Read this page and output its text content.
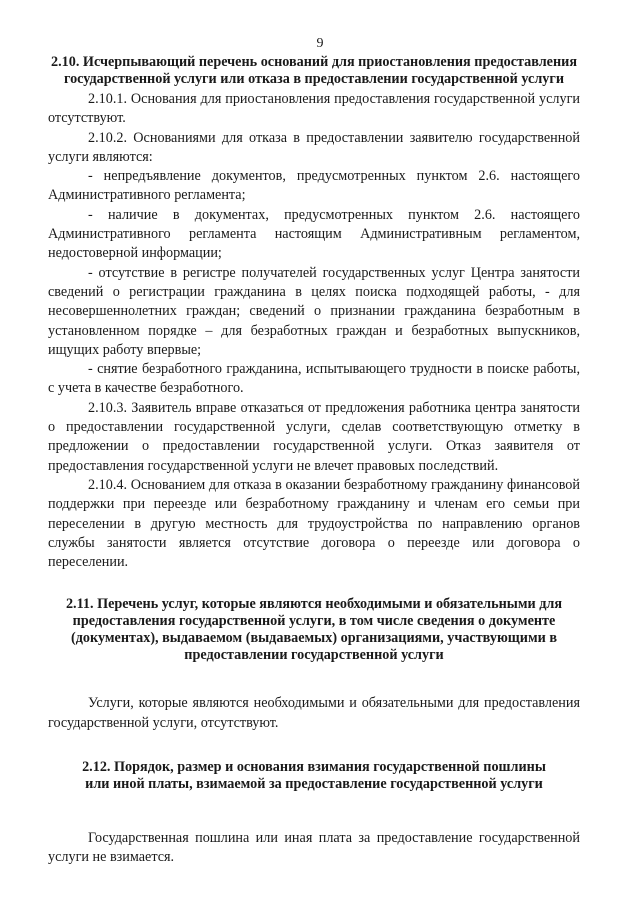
9

2.10. Исчерпывающий перечень оснований для приостановления предоставления государственной услуги или отказа в предоставлении государственной услуги

2.10.1. Основания для приостановления предоставления государственной услуги отсутствуют.

2.10.2. Основаниями для отказа в предоставлении заявителю государственной услуги являются:

- непредъявление документов, предусмотренных пунктом 2.6. настоящего Административного регламента;

- наличие в документах, предусмотренных пунктом 2.6. настоящего Административного регламента настоящим Административным регламентом, недостоверной информации;

- отсутствие в регистре получателей государственных услуг Центра занятости сведений о регистрации гражданина в целях поиска подходящей работы, - для несовершеннолетних граждан; сведений о признании гражданина безработным в установленном порядке – для безработных граждан и безработных выпускников, ищущих работу впервые;

- снятие безработного гражданина, испытывающего трудности в поиске работы, с учета в качестве безработного.

2.10.3. Заявитель вправе отказаться от предложения работника центра занятости о предоставлении государственной услуги, сделав соответствующую отметку в предложении о предоставлении государственной услуги. Отказ заявителя от предоставления государственной услуги не влечет правовых последствий.

2.10.4. Основанием для отказа в оказании безработному гражданину финансовой поддержки при переезде или безработному гражданину и членам его семьи при переселении в другую местность для трудоустройства по направлению органов службы занятости является отсутствие договора о переезде или договора о переселении.

2.11. Перечень услуг, которые являются необходимыми и обязательными для предоставления государственной услуги, в том числе сведения о документе (документах), выдаваемом (выдаваемых) организациями, участвующими в предоставлении государственной услуги

Услуги, которые являются необходимыми и обязательными для предоставления государственной услуги, отсутствуют.

2.12. Порядок, размер и основания взимания государственной пошлины или иной платы, взимаемой за предоставление государственной услуги

Государственная пошлина или иная плата за предоставление государственной услуги не взимается.
